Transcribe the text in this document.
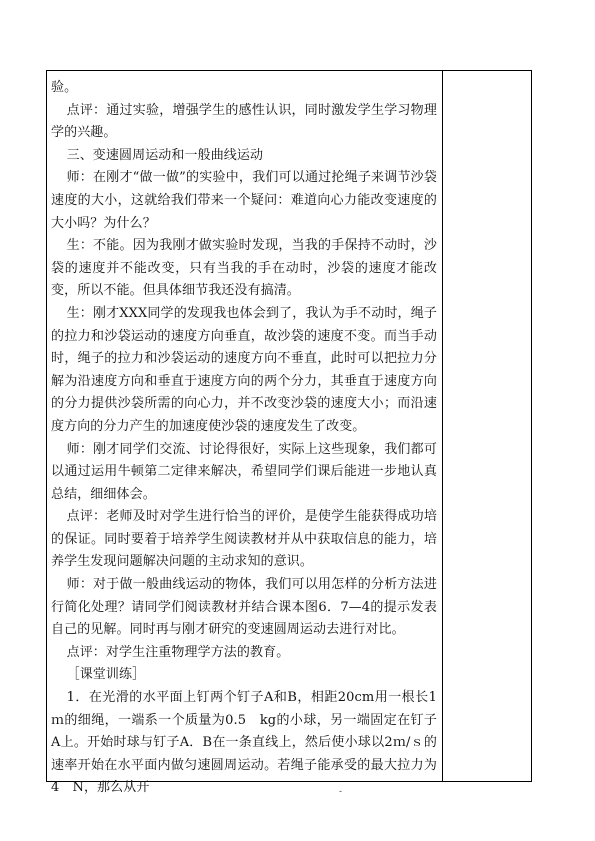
验。

点评：通过实验，增强学生的感性认识，同时激发学生学习物理学的兴趣。

三、变速圆周运动和一般曲线运动

师：在刚才“做一做”的实验中，我们可以通过抡绳子来调节沙袋速度的大小，这就给我们带来一个疑问：难道向心力能改变速度的大小吗？为什么？

生：不能。因为我刚才做实验时发现，当我的手保持不动时，沙袋的速度并不能改变，只有当我的手在动时，沙袋的速度才能改变，所以不能。但具体细节我还没有搞清。

生：刚才XXX同学的发现我也体会到了，我认为手不动时，绳子的拉力和沙袋运动的速度方向垂直，故沙袋的速度不变。而当手动时，绳子的拉力和沙袋运动的速度方向不垂直，此时可以把拉力分解为沿速度方向和垂直于速度方向的两个分力，其垂直于速度方向的分力提供沙袋所需的向心力，并不改变沙袋的速度大小；而沿速度方向的分力产生的加速度使沙袋的速度发生了改变。

师：刚才同学们交流、讨论得很好，实际上这些现象，我们都可以通过运用牛顿第二定律来解决，希望同学们课后能进一步地认真总结，细细体会。

点评：老师及时对学生进行恰当的评价，是使学生能获得成功培的保证。同时要着于培养学生阅读教材并从中获取信息的能力，培养学生发现问题解决问题的主动求知的意识。

师：对于做一般曲线运动的物体，我们可以用怎样的分析方法进行简化处理？请同学们阅读教材并结合课本图6．7—4的提示发表自己的见解。同时再与刚才研究的变速圆周运动去进行对比。

点评：对学生注重物理学方法的教育。

［课堂训练］

1．在光滑的水平面上钉两个钉子A和B，相距20cm用一根长1ｍ的细绳，一端系一个质量为0.5　kg的小球，另一端固定在钉子A上。开始时球与钉子A．B在一条直线上，然后使小球以2ｍ/ｓ的速率开始在水平面内做匀速圆周运动。若绳子能承受的最大拉力为4　N，那么从开	-
